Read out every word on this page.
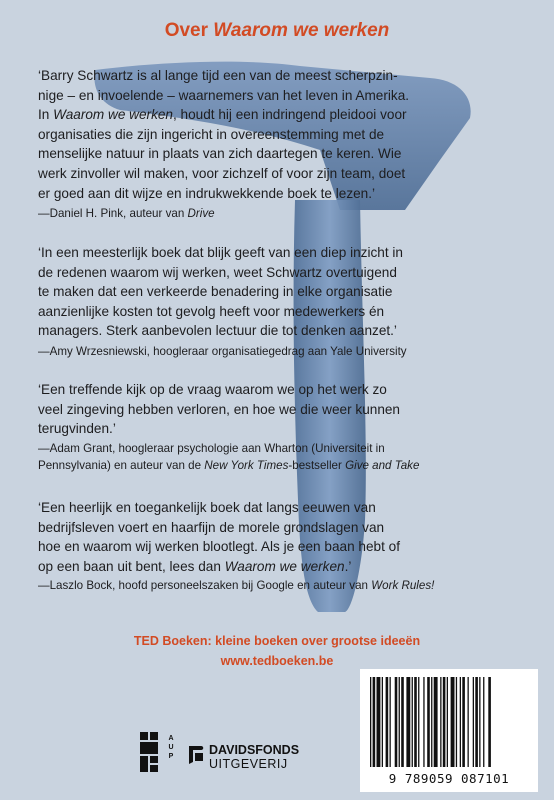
Over Waarom we werken
‘Barry Schwartz is al lange tijd een van de meest scherpzin-
nige – en invoelende – waarnemers van het leven in Amerika.
In Waarom we werken, houdt hij een indringend pleidooi voor
organisaties die zijn ingericht in overeenstemming met de
menselijke natuur in plaats van zich daartegen te keren. Wie
werk zinvoller wil maken, voor zichzelf of voor zijn team, doet
er goed aan dit wijze en indrukwekkende boek te lezen.’
—Daniel H. Pink, auteur van Drive
‘In een meesterlijk boek dat blijk geeft van een diep inzicht in
de redenen waarom wij werken, weet Schwartz overtuigend
te maken dat een verkeerde benadering in elke organisatie
aanzienlijke kosten tot gevolg heeft voor medewerkers én
managers. Sterk aanbevolen lectuur die tot denken aanzet.’
—Amy Wrzesniewski, hoogleraar organisatiegedrag aan Yale University
‘Een treffende kijk op de vraag waarom we op het werk zo
veel zingeving hebben verloren, en hoe we die weer kunnen
terugvinden.’
—Adam Grant, hoogleraar psychologie aan Wharton (Universiteit in
Pennsylvania) en auteur van de New York Times-bestseller Give and Take
‘Een heerlijk en toegankelijk boek dat langs eeuwen van
bedrijfsleven voert en haarfijn de morele grondslagen van
hoe en waarom wij werken blootlegt. Als je een baan hebt of
op een baan uit bent, lees dan Waarom we werken.’
—Laszlo Bock, hoofd personeelszaken bij Google en auteur van Work Rules!
TED Boeken: kleine boeken over grootse ideeën
www.tedboeken.be
A
U
P	DAVIDSFONDS
UITGEVERIJ
9 789059 087101
